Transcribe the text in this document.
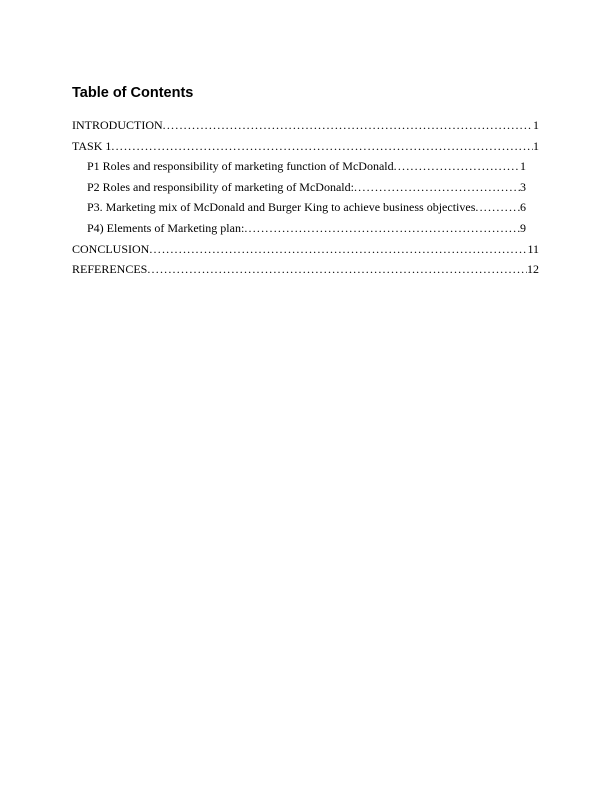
Table of Contents
INTRODUCTION .....	1
TASK 1 .....	1
P1 Roles and responsibility of marketing function of McDonald .....	1
P2 Roles and responsibility of marketing of McDonald: .....	3
P3. Marketing mix of McDonald and Burger King to achieve business objectives .....	6
P4) Elements of Marketing plan: .....	9
CONCLUSION .....	11
REFERENCES .....	12
